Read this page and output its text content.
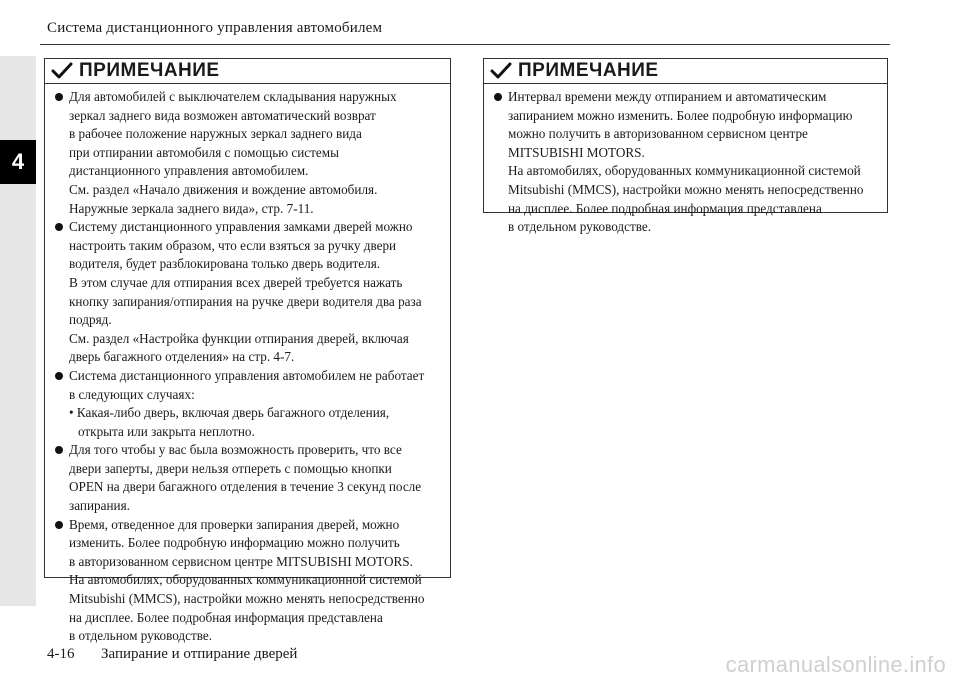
4
Система дистанционного управления автомобилем
ПРИМЕЧАНИЕ
Для автомобилей с выключателем складывания наружных
зеркал заднего вида возможен автоматический возврат
в рабочее положение наружных зеркал заднего вида
при отпирании автомобиля с помощью системы
дистанционного управления автомобилем.
См. раздел «Начало движения и вождение автомобиля.
Наружные зеркала заднего вида», стр. 7-11.
Систему дистанционного управления замками дверей можно
настроить таким образом, что если взяться за ручку двери
водителя, будет разблокирована только дверь водителя.
В этом случае для отпирания всех дверей требуется нажать
кнопку запирания/отпирания на ручке двери водителя два раза
подряд.
См. раздел «Настройка функции отпирания дверей, включая
дверь багажного отделения» на стр. 4-7.
Система дистанционного управления автомобилем не работает
в следующих случаях:
• Какая-либо дверь, включая дверь багажного отделения,
открыта или закрыта неплотно.
Для того чтобы у вас была возможность проверить, что все
двери заперты, двери нельзя отпереть с помощью кнопки
OPEN на двери багажного отделения в течение 3 секунд после
запирания.
Время, отведенное для проверки запирания дверей, можно
изменить. Более подробную информацию можно получить
в авторизованном сервисном центре MITSUBISHI MOTORS.
На автомобилях, оборудованных коммуникационной системой
Mitsubishi (MMCS), настройки можно менять непосредственно
на дисплее. Более подробная информация представлена
в отдельном руководстве.
ПРИМЕЧАНИЕ
Интервал времени между отпиранием и автоматическим
запиранием можно изменить. Более подробную информацию
можно получить в авторизованном сервисном центре
MITSUBISHI MOTORS.
На автомобилях, оборудованных коммуникационной системой
Mitsubishi (MMCS), настройки можно менять непосредственно
на дисплее. Более подробная информация представлена
в отдельном руководстве.
4-16 Запирание и отпирание дверей	carmanualsonline.info
